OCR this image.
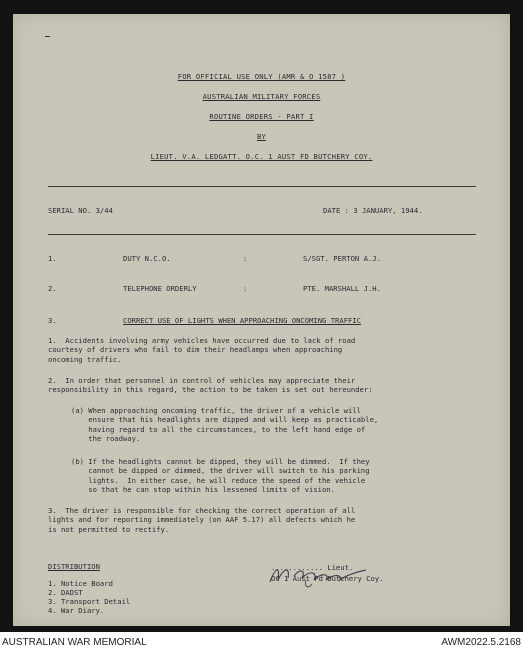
FOR OFFICIAL USE ONLY (AMR & O 1587 )
AUSTRALIAN MILITARY FORCES
ROUTINE ORDERS - PART I
BY
LIEUT. V.A. LEDGATT. O.C. 1 AUST FD BUTCHERY COY.
SERIAL NO. 3/44	DATE : 3 JANUARY, 1944.
1.	DUTY N.C.O.	:	S/SGT. PERTON A.J.
2.	TELEPHONE ORDERLY	:	PTE. MARSHALL J.H.
3.	CORRECT USE OF LIGHTS WHEN APPROACHING ONCOMING TRAFFIC
1.  Accidents involving army vehicles have occurred due to lack of road
courtesy of drivers who fail to dim their headlamps when approaching
oncoming traffic.
2.  In order that personnel in control of vehicles may appreciate their
responsibility in this regard, the action to be taken is set out hereunder:
(a) When approaching oncoming traffic, the driver of a vehicle will
ensure that his headlights are dipped and will keep as practicable,
having regard to all the circumstances, to the left hand edge of
the roadway.
(b) If the headlights cannot be dipped, they will be dimmed.  If they
cannot be dipped or dimmed, the driver will switch to his parking
lights.  In either case, he will reduce the speed of the vehicle
so that he can stop within his lessened limits of vision.
3.  The driver is responsible for checking the correct operation of all
lights and for reporting immediately (on AAF 5.17) all defects which he
is not permitted to rectify.
DISTRIBUTION
1. Notice Board
2. DADST
3. Transport Detail
4. War Diary.
............ Lieut.
OC 1 Aust Fd Butchery Coy.
AUSTRALIAN WAR MEMORIAL	AWM2022.5.2168
